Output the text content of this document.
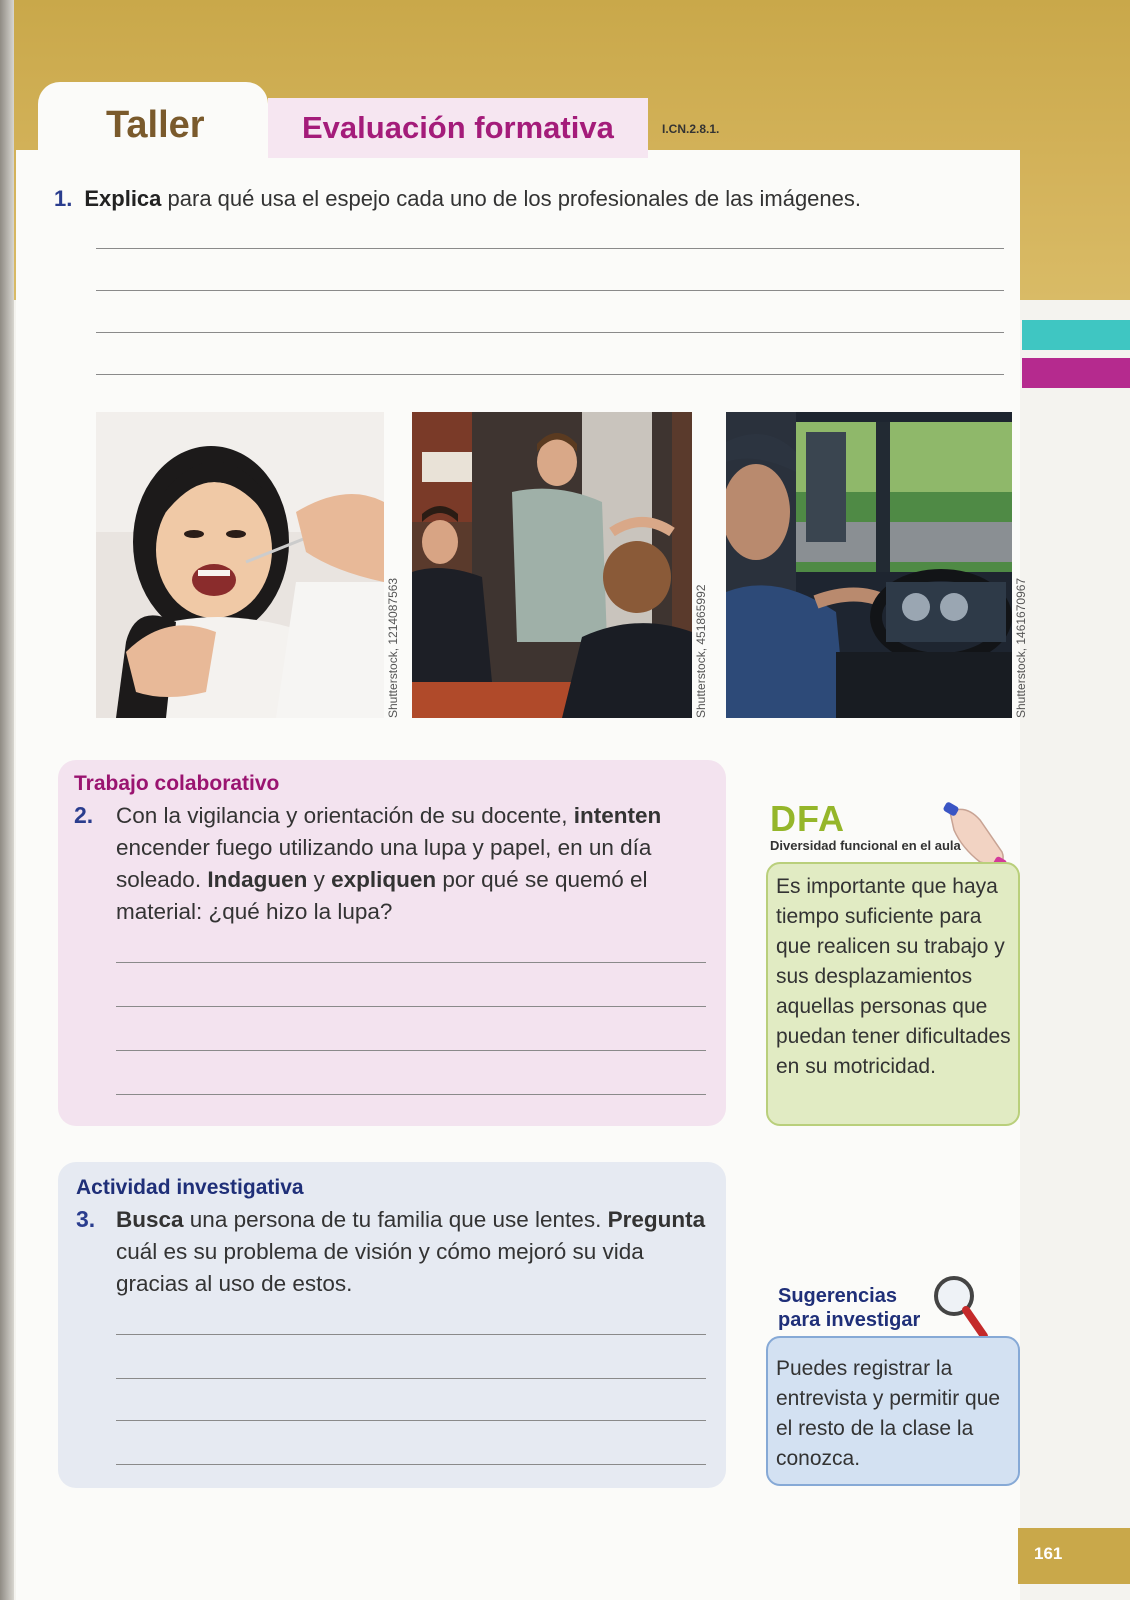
Taller	Evaluación formativa	I.CN.2.8.1.
1. Explica para qué usa el espejo cada uno de los profesionales de las imágenes.
Shutterstock, 1214087563	Shutterstock, 451865992	Shutterstock, 1461670967
Trabajo colaborativo
2. Con la vigilancia y orientación de su docente, intenten encender fuego utilizando una lupa y papel, en un día soleado. Indaguen y expliquen por qué se quemó el material: ¿qué hizo la lupa?
DFA
Diversidad funcional en el aula
Es importante que haya tiempo suficiente para que realicen su trabajo y sus desplazamientos aquellas personas que puedan tener dificultades en su motricidad.
Actividad investigativa
3. Busca una persona de tu familia que use lentes. Pregunta cuál es su problema de visión y cómo mejoró su vida gracias al uso de estos.	Sugerencias
para investigar
Puedes registrar la entrevista y permitir que el resto de la clase la conozca.
161
